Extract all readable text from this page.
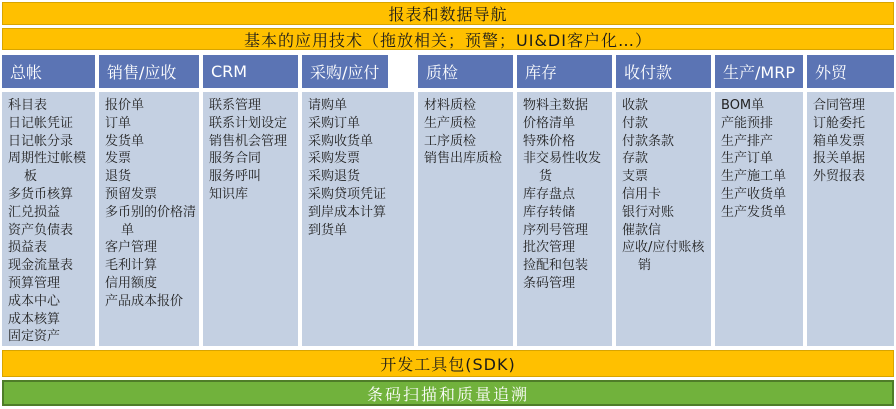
报表和数据导航
基本的应用技术（拖放相关；预警；UI&DI客户化…）
总帐
科目表
日记帐凭证
日记帐分录
周期性过帐模板
多货币核算
汇兑损益
资产负债表
损益表
现金流量表
预算管理
成本中心
成本核算
固定资产
销售/应收
报价单
订单
发货单
发票
退货
预留发票
多币别的价格清单
客户管理
毛利计算
信用额度
产品成本报价
CRM
联系管理
联系计划设定
销售机会管理
服务合同
服务呼叫
知识库
采购/应付
请购单
采购订单
采购收货单
采购发票
采购退货
采购贷项凭证
到岸成本计算
到货单
质检
材料质检
生产质检
工序质检
销售出库质检
库存
物料主数据
价格清单
特殊价格
非交易性收发货
库存盘点
库存转储
序列号管理
批次管理
捡配和包装
条码管理
收付款
收款
付款
付款条款
存款
支票
信用卡
银行对账
催款信
应收/应付账核销
生产/MRP
BOM单
产能预排
生产排产
生产订单
生产施工单
生产收货单
生产发货单
外贸
合同管理
订舱委托
箱单发票
报关单据
外贸报表
开发工具包(SDK)
条码扫描和质量追溯
